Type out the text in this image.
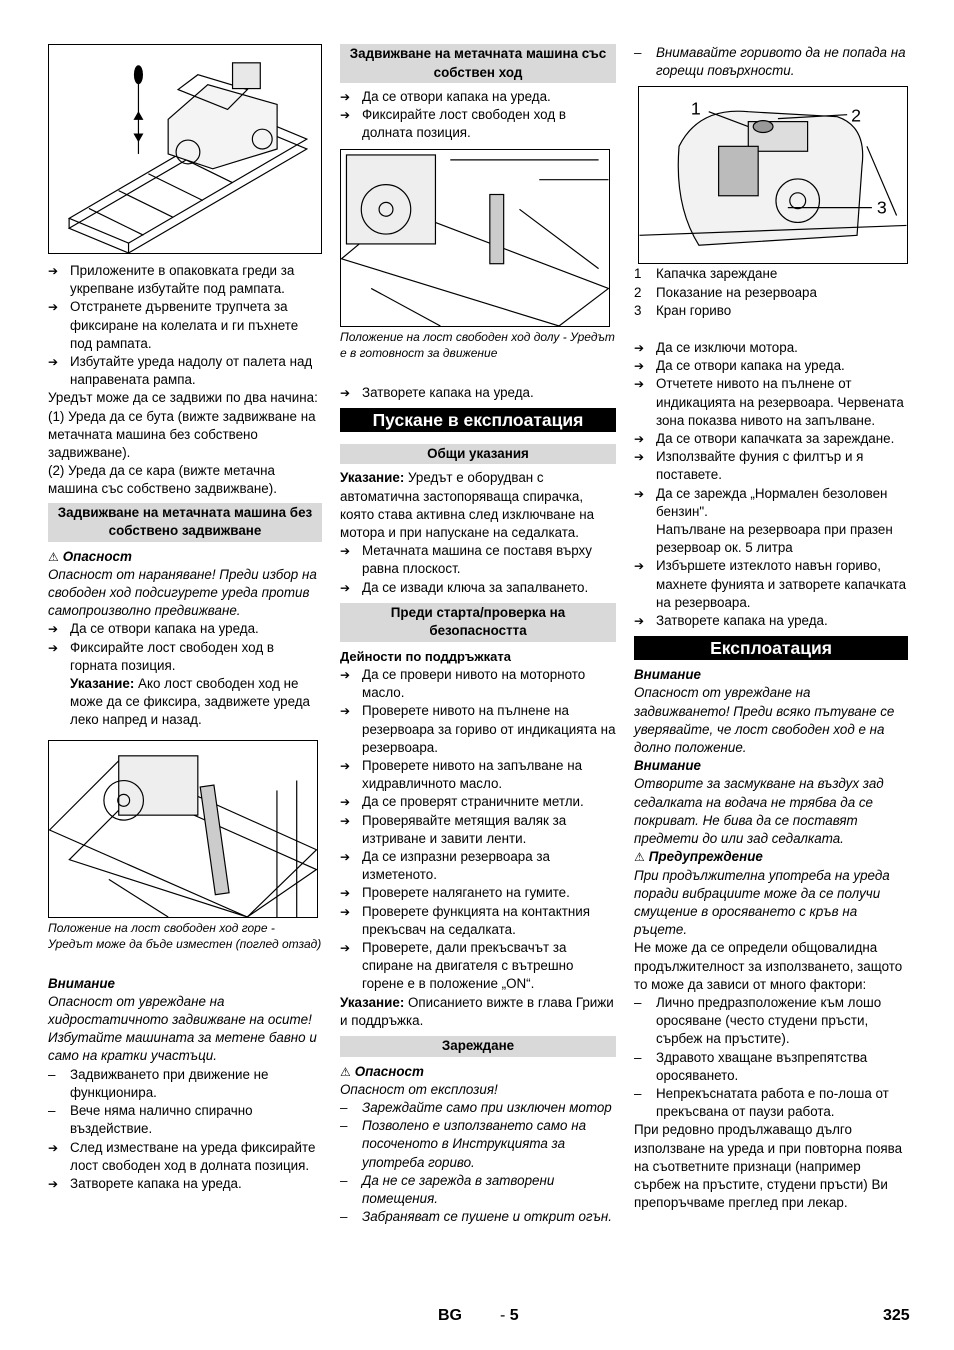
➔ Приложените в опаковката греди за укрепване избутайте под рампата.
➔ Отстранете дървените трупчета за фиксиране на колелата и ги пъхнете под рампата.
➔ Избутайте уреда надолу от палета над направената рампа.

Уредът може да се задвижи по два начина:

(1) Уреда да се бута (вижте задвижване на метачната машина без собствено задвижване).

(2) Уреда да се кара (вижте метачна машина със собствено задвижване).

Задвижване на метачната машина без собствено задвижване

⚠ Опасност

Опасност от нараняване! Преди избор на свободен ход подсигурете уреда против самопроизволно предвижване.

➔ Да се отвори капака на уреда.
➔ Фиксирайте лост свободен ход в горната позиция.

Указание: Ако лост свободен ход не може да се фиксира, задвижете уреда леко напред и назад.

Положение на лост свободен ход горе - Уредът може да бъде изместен (поглед отзад)

Внимание

Опасност от увреждане на хидростатичното задвижване на осите! Избутайте машината за метене бавно и само на кратки участъци.

– Задвижването при движение не функционира.
– Вече няма налично спирачно въздействие.
➔ След изместване на уреда фиксирайте лост свободен ход в долната позиция.
➔ Затворете капака на уреда.
Задвижване на метачната машина със собствен ход
➔ Да се отвори капака на уреда.
➔ Фиксирайте лост свободен ход в долната позиция.

Положение на лост свободен ход долу - Уредът е в готовност за движение

➔ Затворете капака на уреда.
Пускане в експлоатация
Общи указания

Указание: Уредът е оборудван с автоматична застопоряваща спирачка, която става активна след изключване на мотора и при напускане на седалката.

➔ Метачната машина се поставя върху равна плоскост.
➔ Да се извади ключа за запалването.
Преди старта/проверка на безопасността

Дейности по поддръжката

➔ Да се провери нивото на моторното масло.
➔ Проверете нивото на пълнене на резервоара за гориво от индикацията на резервоара.
➔ Проверете нивото на запълване на хидравличното масло.
➔ Да се проверят страничните метли.
➔ Проверявайте метящия валяк за изтриване и завити ленти.
➔ Да се изпразни резервоара за изметеното.
➔ Проверете налягането на гумите.
➔ Проверете функцията на контактния прекъсвач на седалката.
➔ Проверете, дали прекъсвачът за спиране на двигателя с вътрешно горене е в положение „ON“.

Указание: Описанието вижте в глава Грижи и поддръжка.

Зареждане

⚠ Опасност

Опасност от експлозия!

– Зареждайте само при изключен мотор
– Позволено е използването само на посоченото в Инструкцията за употреба гориво.
– Да не се зарежда в затворени помещения.
– Забраняват се пушене и открит огън.
– Внимавайте горивото да не попада на горещи повърхности.
1	2
3
1 Капачка зареждане
2 Показание на резервоара
3 Кран гориво
➔ Да се изключи мотора.
➔ Да се отвори капака на уреда.
➔ Отчетете нивото на пълнене от индикацията на резервоара. Червената зона показва нивото на запълване.
➔ Да се отвори капачката за зареждане.
➔ Използвайте фуния с филтър и я поставете.
➔ Да се зарежда „Нормален безоловен бензин".

Напълване на резервоара при празен резервоар ок. 5 литра

➔ Избършете изтеклото навън гориво, махнете фунията и затворете капачката на резервоара.
➔ Затворете капака на уреда.
Експлоатация

Внимание

Опасност от увреждане на задвижването! Преди всяко пътуване се уверявайте, че лост свободен ход е на долно положение.

Внимание

Отворите за засмукване на въздух зад седалката на водача не трябва да се покриват. Не бива да се поставят предмети до или зад седалката.

⚠ Предупреждение

При продължителна употреба на уреда поради вибрациите може да се получи смущение в оросяването с кръв на ръцете.

Не може да се определи общовалидна продължителност за използването, защото то може да зависи от много фактори:

– Лично предразположение към лошо оросяване (често студени пръсти, сърбеж на пръстите).
– Здравото хващане възпрепятства оросяването.
– Непрекъснатата работа е по-лоша от прекъсвана от паузи работа.

При редовно продължаващо дълго използване на уреда и при повторна поява на съответните признаци (например сърбеж на пръстите, студени пръсти) Ви препоръчваме преглед при лекар.

BG - 5	325
